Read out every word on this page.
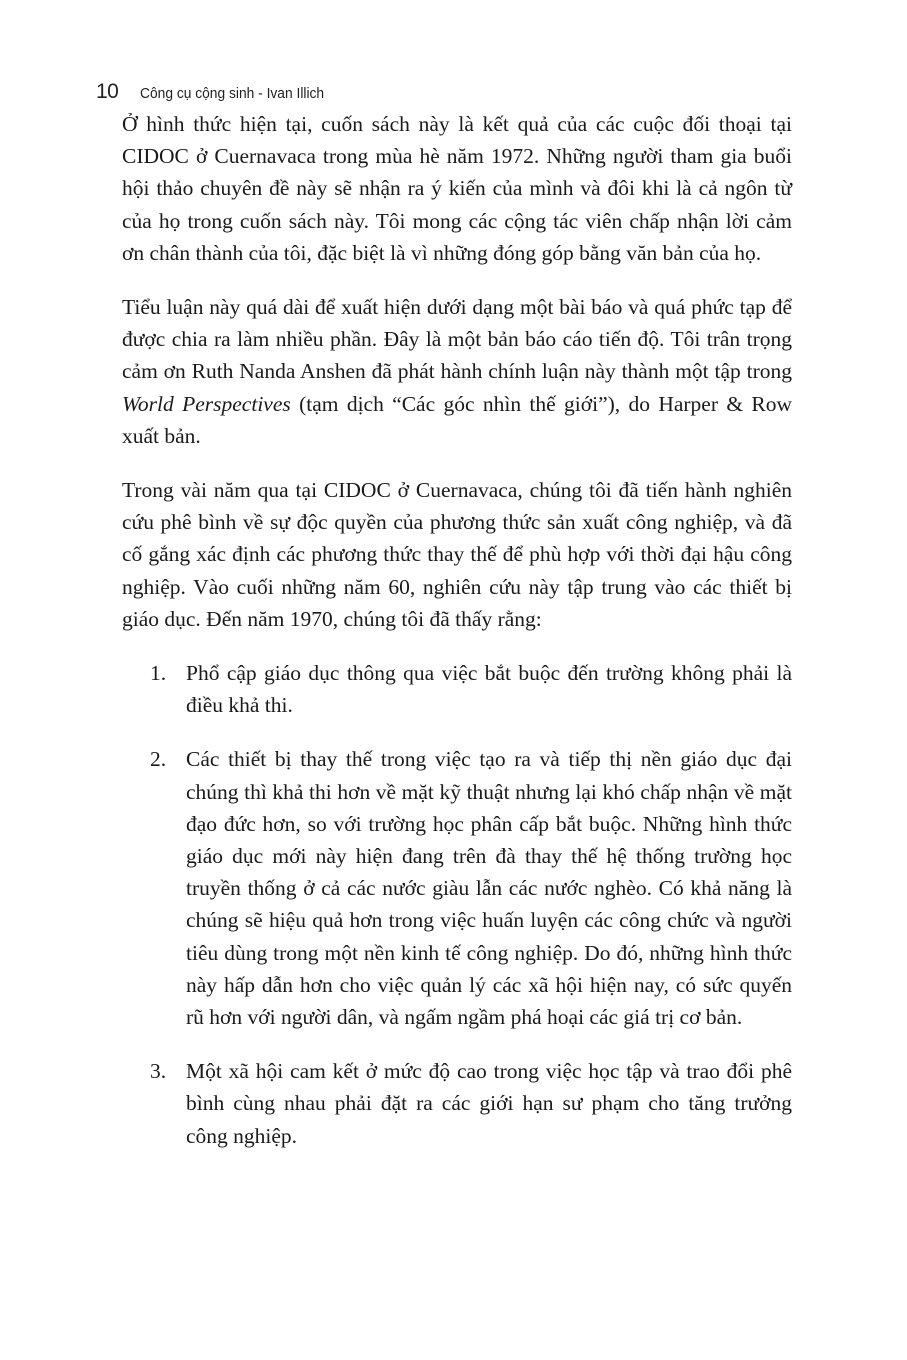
10 Công cụ cộng sinh - Ivan Illich

Ở hình thức hiện tại, cuốn sách này là kết quả của các cuộc đối thoại tại CIDOC ở Cuernavaca trong mùa hè năm 1972. Những người tham gia buổi hội thảo chuyên đề này sẽ nhận ra ý kiến của mình và đôi khi là cả ngôn từ của họ trong cuốn sách này. Tôi mong các cộng tác viên chấp nhận lời cảm ơn chân thành của tôi, đặc biệt là vì những đóng góp bằng văn bản của họ.

Tiểu luận này quá dài để xuất hiện dưới dạng một bài báo và quá phức tạp để được chia ra làm nhiều phần. Đây là một bản báo cáo tiến độ. Tôi trân trọng cảm ơn Ruth Nanda Anshen đã phát hành chính luận này thành một tập trong World Perspectives (tạm dịch “Các góc nhìn thế giới”), do Harper & Row xuất bản.

Trong vài năm qua tại CIDOC ở Cuernavaca, chúng tôi đã tiến hành nghiên cứu phê bình về sự độc quyền của phương thức sản xuất công nghiệp, và đã cố gắng xác định các phương thức thay thế để phù hợp với thời đại hậu công nghiệp. Vào cuối những năm 60, nghiên cứu này tập trung vào các thiết bị giáo dục. Đến năm 1970, chúng tôi đã thấy rằng:

1. Phổ cập giáo dục thông qua việc bắt buộc đến trường không phải là điều khả thi.
2. Các thiết bị thay thế trong việc tạo ra và tiếp thị nền giáo dục đại chúng thì khả thi hơn về mặt kỹ thuật nhưng lại khó chấp nhận về mặt đạo đức hơn, so với trường học phân cấp bắt buộc. Những hình thức giáo dục mới này hiện đang trên đà thay thế hệ thống trường học truyền thống ở cả các nước giàu lẫn các nước nghèo. Có khả năng là chúng sẽ hiệu quả hơn trong việc huấn luyện các công chức và người tiêu dùng trong một nền kinh tế công nghiệp. Do đó, những hình thức này hấp dẫn hơn cho việc quản lý các xã hội hiện nay, có sức quyến rũ hơn với người dân, và ngấm ngầm phá hoại các giá trị cơ bản.
3. Một xã hội cam kết ở mức độ cao trong việc học tập và trao đổi phê bình cùng nhau phải đặt ra các giới hạn sư phạm cho tăng trưởng công nghiệp.
